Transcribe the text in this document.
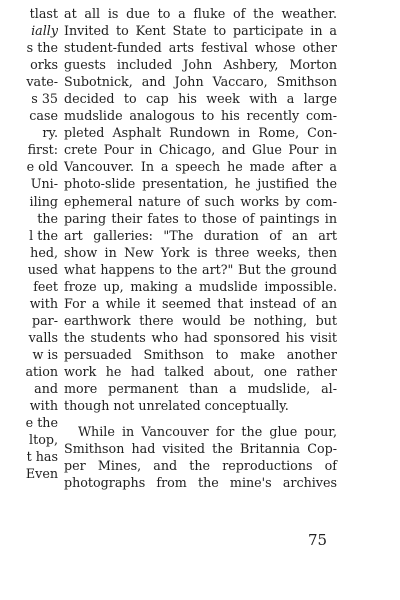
tlast
ially
s the
orks
vate-
s 35
case
ry.
first:
e old
Uni-
iling
the
l the
hed,
used
feet
with
par-
valls
w is
ation
and
with
e the
ltop,
t has
Even
at all is due to a fluke of the weather.
Invited to Kent State to participate in a
student-funded arts festival whose other
guests included John Ashbery, Morton
Subotnick, and John Vaccaro, Smithson
decided to cap his week with a large
mudslide analogous to his recently com-
pleted Asphalt Rundown in Rome, Con-
crete Pour in Chicago, and Glue Pour in
Vancouver. In a speech he made after a
photo-slide presentation, he justified the
ephemeral nature of such works by com-
paring their fates to those of paintings in
art galleries: "The duration of an art
show in New York is three weeks, then
what happens to the art?" But the ground
froze up, making a mudslide impossible.
For a while it seemed that instead of an
earthwork there would be nothing, but
the students who had sponsored his visit
persuaded Smithson to make another
work he had talked about, one rather
more permanent than a mudslide, al-
though not unrelated conceptually.
While in Vancouver for the glue pour,
Smithson had visited the Britannia Cop-
per Mines, and the reproductions of
photographs from the mine's archives
75
